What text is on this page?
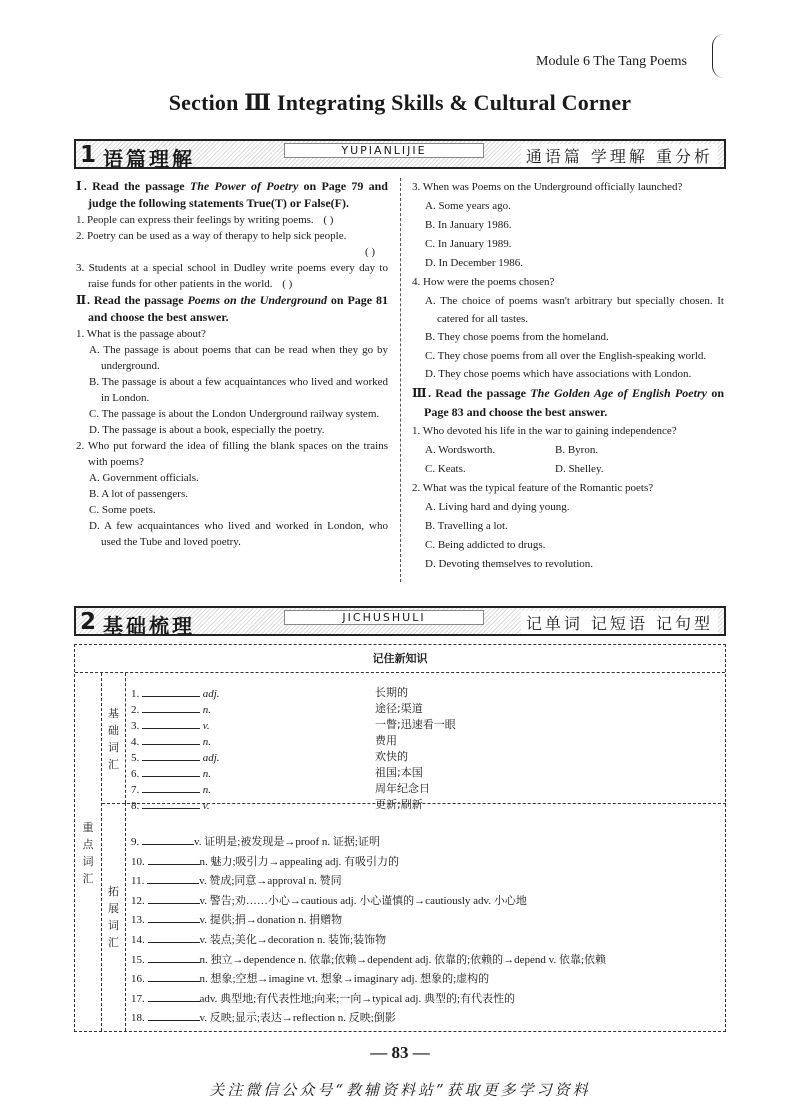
Module 6 The Tang Poems
Section Ⅲ Integrating Skills & Cultural Corner
1 语篇理解	YUPIANLIJIE	通语篇 学理解 重分析

Ⅰ. Read the passage The Power of Poetry on Page 79 and judge the following statements True(T) or False(F).

1. People can express their feelings by writing poems. ( )

2. Poetry can be used as a way of therapy to help sick people.

( )

3. Students at a special school in Dudley write poems every day to raise funds for other patients in the world. ( )

Ⅱ. Read the passage Poems on the Underground on Page 81 and choose the best answer.

1. What is the passage about?

A. The passage is about poems that can be read when they go by underground.

B. The passage is about a few acquaintances who lived and worked in London.

C. The passage is about the London Underground railway system.

D. The passage is about a book, especially the poetry.

2. Who put forward the idea of filling the blank spaces on the trains with poems?

A. Government officials.

B. A lot of passengers.

C. Some poets.

D. A few acquaintances who lived and worked in London, who used the Tube and loved poetry.

3. When was Poems on the Underground officially launched?

A. Some years ago.

B. In January 1986.

C. In January 1989.

D. In December 1986.

4. How were the poems chosen?

A. The choice of poems wasn't arbitrary but specially chosen. It catered for all tastes.

B. They chose poems from the homeland.

C. They chose poems from all over the English-speaking world.

D. They chose poems which have associations with London.

Ⅲ. Read the passage The Golden Age of English Poetry on Page 83 and choose the best answer.

1. Who devoted his life in the war to gaining independence?

A. Wordsworth.	B. Byron.

C. Keats.	D. Shelley.

2. What was the typical feature of the Romantic poets?

A. Living hard and dying young.

B. Travelling a lot.

C. Being addicted to drugs.

D. Devoting themselves to revolution.

2 基础梳理	JICHUSHULI	记单词 记短语 记句型
记住新知识
重点词汇
基础词汇
拓展词汇
1.	adj.	长期的
2.	n.	途径;渠道
3.	v.	一瞥;迅速看一眼
4.	n.	费用
5.	adj.	欢快的
6.	n.	祖国;本国
7.	n.	周年纪念日
8.	v.	更新;刷新
9.	v. 证明是;被发现是→proof n. 证据;证明
10.	n. 魅力;吸引力→appealing adj. 有吸引力的
11.	v. 赞成;同意→approval n. 赞同
12.	v. 警告;劝……小心→cautious adj. 小心谨慎的→cautiously adv. 小心地
13.	v. 提供;捐→donation n. 捐赠物
14.	v. 装点;美化→decoration n. 装饰;装饰物
15.	n. 独立→dependence n. 依靠;依赖→dependent adj. 依靠的;依赖的→depend v. 依靠;依赖
16.	n. 想象;空想→imagine vt. 想象→imaginary adj. 想象的;虚构的
17.	adv. 典型地;有代表性地;向来;一向→typical adj. 典型的;有代表性的
18.	v. 反映;显示;表达→reflection n. 反映;倒影
— 83 —
关注微信公众号“教辅资料站”获取更多学习资料
